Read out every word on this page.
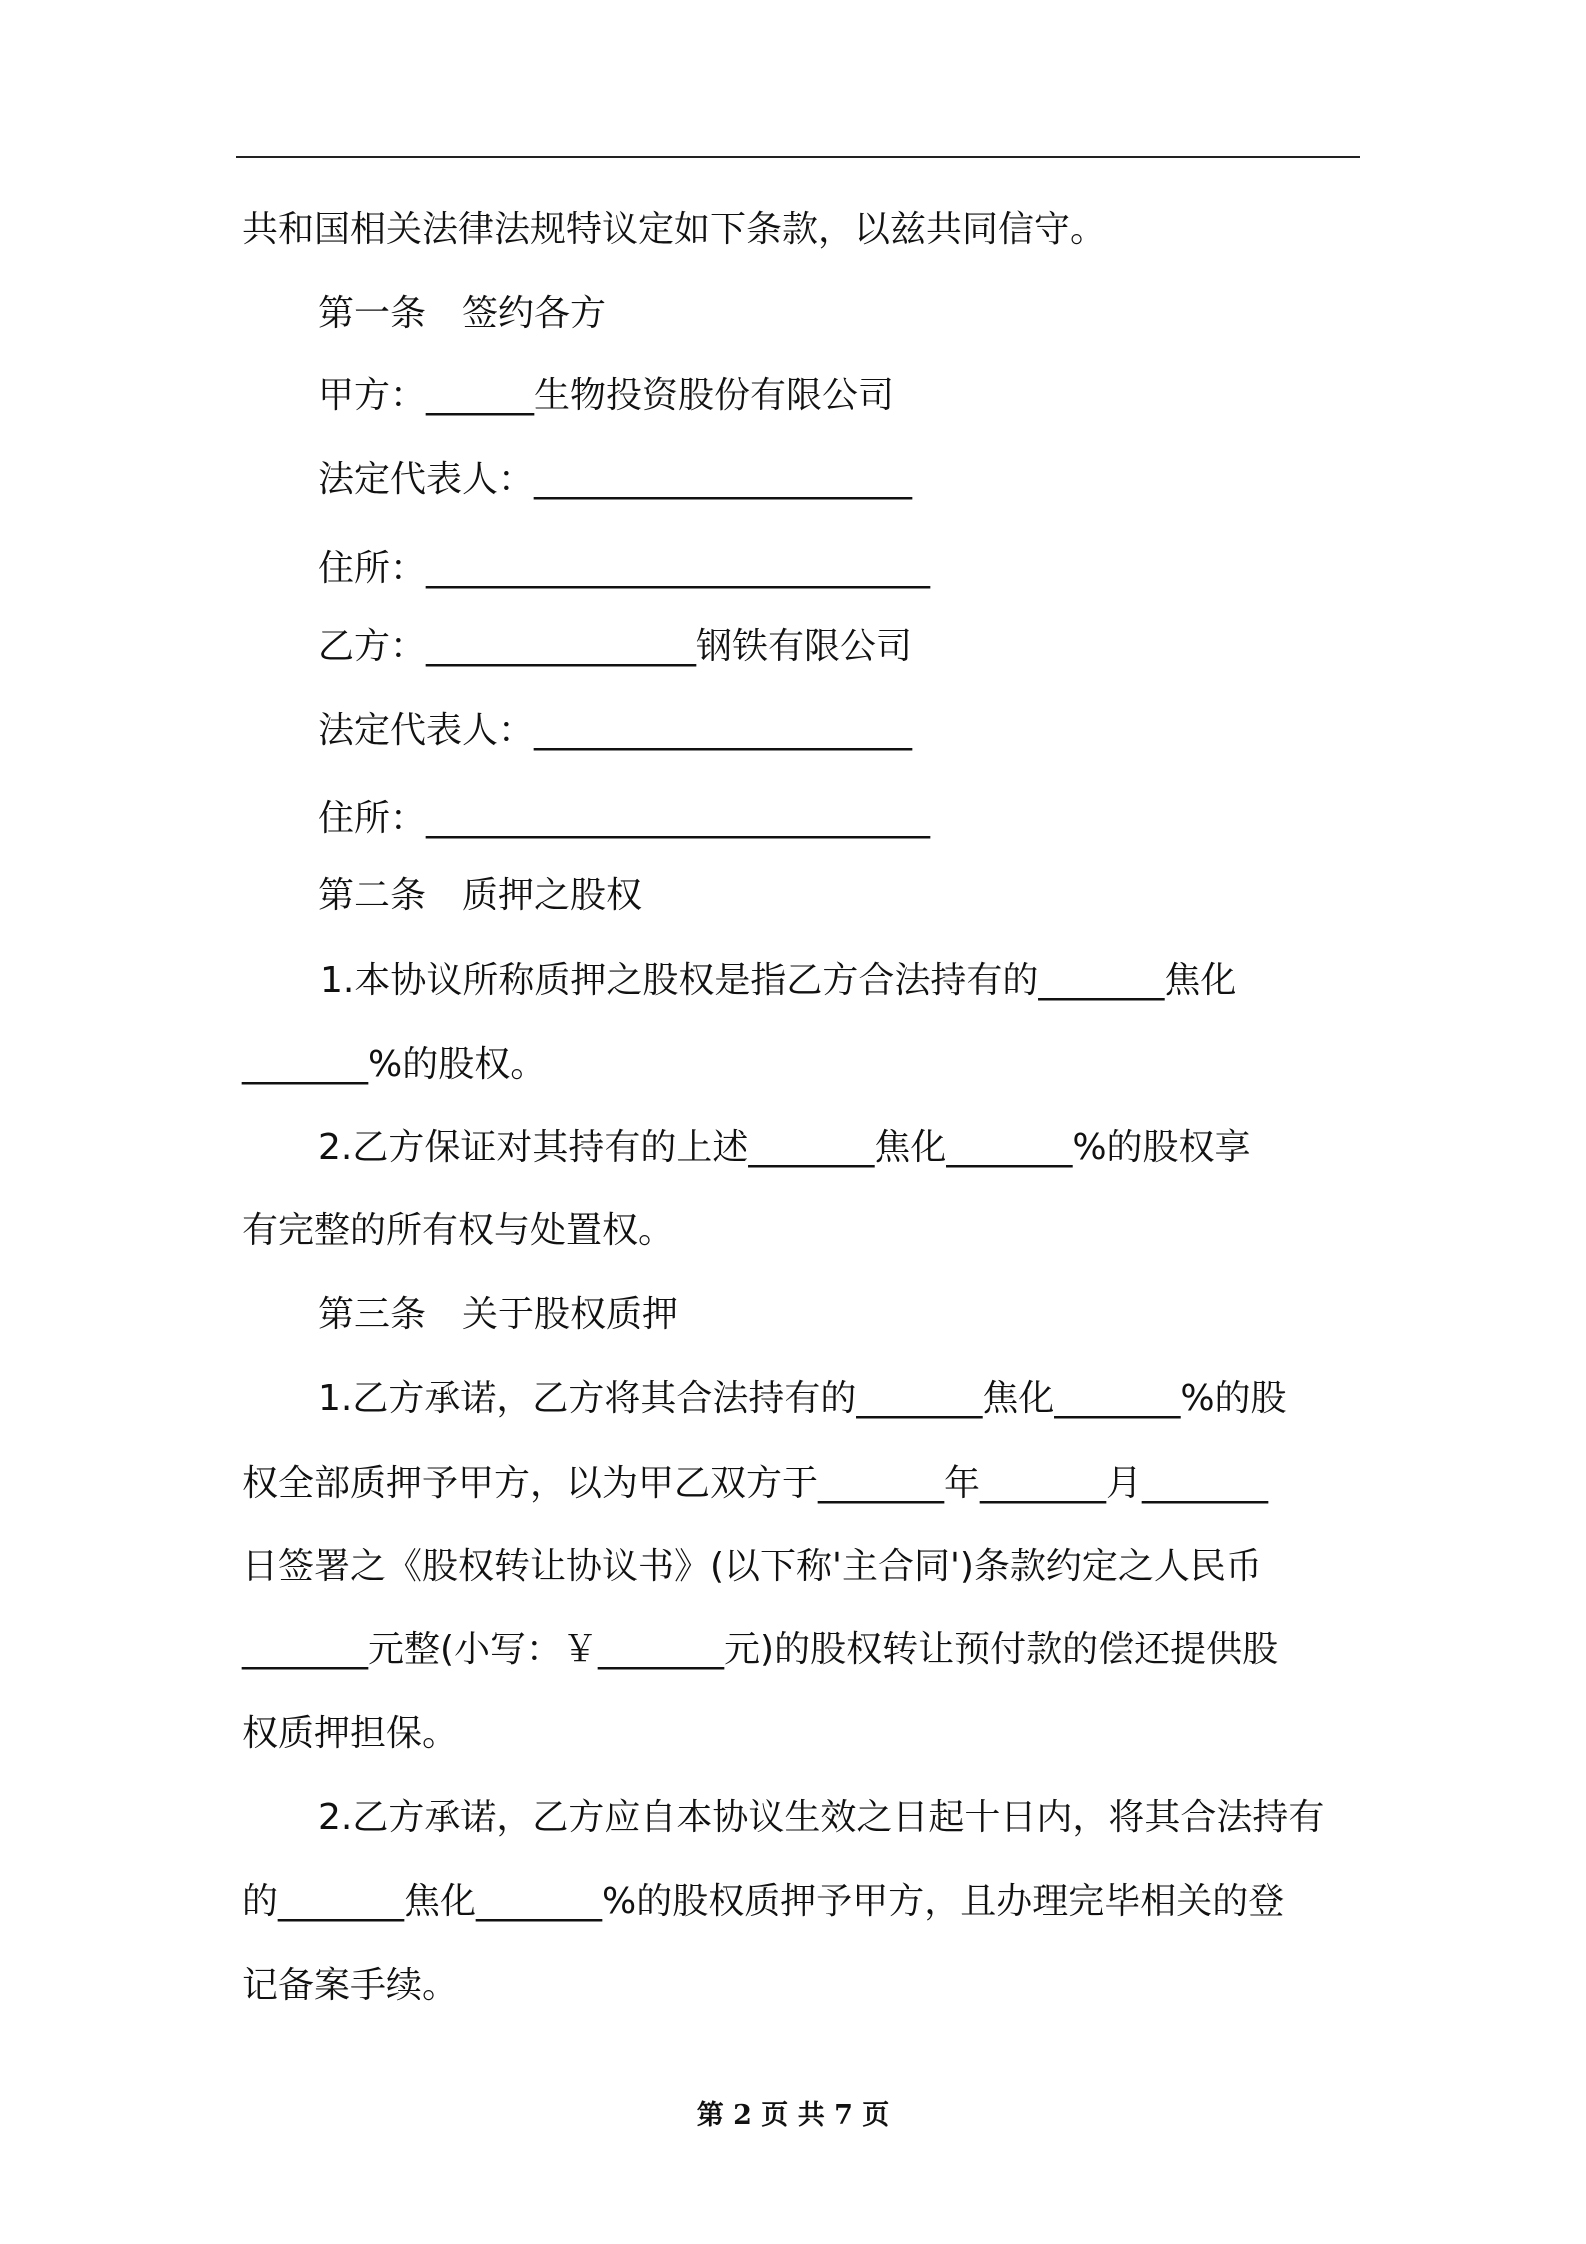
共和国相关法律法规特议定如下条款，以兹共同信守。

第一条　签约各方

甲方：______生物投资股份有限公司

法定代表人：_____________________

住所：____________________________

乙方：_______________钢铁有限公司

法定代表人：_____________________

住所：____________________________

第二条　质押之股权

1.本协议所称质押之股权是指乙方合法持有的_______焦化

_______%的股权。

2.乙方保证对其持有的上述_______焦化_______%的股权享

有完整的所有权与处置权。

第三条　关于股权质押

1.乙方承诺，乙方将其合法持有的_______焦化_______%的股

权全部质押予甲方，以为甲乙双方于_______年_______月_______

日签署之《股权转让协议书》(以下称'主合同')条款约定之人民币

_______元整(小写：￥_______元)的股权转让预付款的偿还提供股

权质押担保。

2.乙方承诺，乙方应自本协议生效之日起十日内，将其合法持有

的_______焦化_______%的股权质押予甲方，且办理完毕相关的登

记备案手续。

第 2 页 共 7 页
